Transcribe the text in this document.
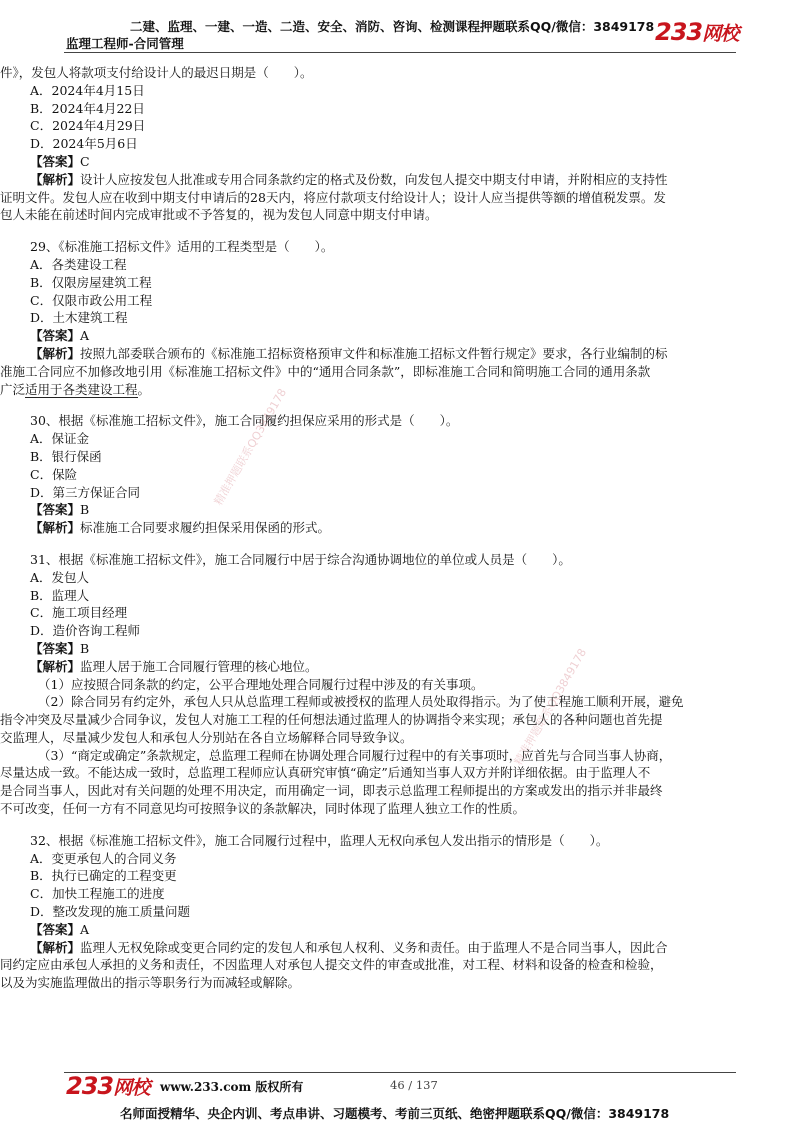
二建、监理、一建、一造、二造、安全、消防、咨询、检测课程押题联系QQ/微信：3849178
监理工程师-合同管理	233网校
精准押题联系QQ3849178
精准押题联系QQ3849178
件》，发包人将款项支付给设计人的最迟日期是（　　）。
A．2024年4月15日
B．2024年4月22日
C．2024年4月29日
D．2024年5月6日
【答案】C
【解析】设计人应按发包人批准或专用合同条款约定的格式及份数，向发包人提交中期支付申请，并附相应的支持性
证明文件。发包人应在收到中期支付申请后的28天内，将应付款项支付给设计人；设计人应当提供等额的增值税发票。发
包人未能在前述时间内完成审批或不予答复的，视为发包人同意中期支付申请。
29、《标准施工招标文件》适用的工程类型是（　　）。
A．各类建设工程
B．仅限房屋建筑工程
C．仅限市政公用工程
D．土木建筑工程
【答案】A
【解析】按照九部委联合颁布的《标准施工招标资格预审文件和标准施工招标文件暂行规定》要求，各行业编制的标
准施工合同应不加修改地引用《标准施工招标文件》中的“通用合同条款”，即标准施工合同和简明施工合同的通用条款
广泛适用于各类建设工程。
30、根据《标准施工招标文件》，施工合同履约担保应采用的形式是（　　）。
A．保证金
B．银行保函
C．保险
D．第三方保证合同
【答案】B
【解析】标准施工合同要求履约担保采用保函的形式。
31、根据《标准施工招标文件》，施工合同履行中居于综合沟通协调地位的单位或人员是（　　）。
A．发包人
B．监理人
C．施工项目经理
D．造价咨询工程师
【答案】B
【解析】监理人居于施工合同履行管理的核心地位。
（1）应按照合同条款的约定，公平合理地处理合同履行过程中涉及的有关事项。
（2）除合同另有约定外，承包人只从总监理工程师或被授权的监理人员处取得指示。为了使工程施工顺利开展，避免
指令冲突及尽量减少合同争议，发包人对施工工程的任何想法通过监理人的协调指令来实现；承包人的各种问题也首先提
交监理人，尽量减少发包人和承包人分别站在各自立场解释合同导致争议。
（3）“商定或确定”条款规定，总监理工程师在协调处理合同履行过程中的有关事项时，应首先与合同当事人协商，
尽量达成一致。不能达成一致时，总监理工程师应认真研究审慎“确定”后通知当事人双方并附详细依据。由于监理人不
是合同当事人，因此对有关问题的处理不用决定，而用确定一词，即表示总监理工程师提出的方案或发出的指示并非最终
不可改变，任何一方有不同意见均可按照争议的条款解决，同时体现了监理人独立工作的性质。
32、根据《标准施工招标文件》，施工合同履行过程中，监理人无权向承包人发出指示的情形是（　　）。
A．变更承包人的合同义务
B．执行已确定的工程变更
C．加快工程施工的进度
D．整改发现的施工质量问题
【答案】A
【解析】监理人无权免除或变更合同约定的发包人和承包人权利、义务和责任。由于监理人不是合同当事人，因此合
同约定应由承包人承担的义务和责任，不因监理人对承包人提交文件的审查或批准，对工程、材料和设备的检查和检验，
以及为实施监理做出的指示等职务行为而减轻或解除。
233网校 www.233.com 版权所有	46 / 137
名师面授精华、央企内训、考点串讲、习题模考、考前三页纸、绝密押题联系QQ/微信：3849178
